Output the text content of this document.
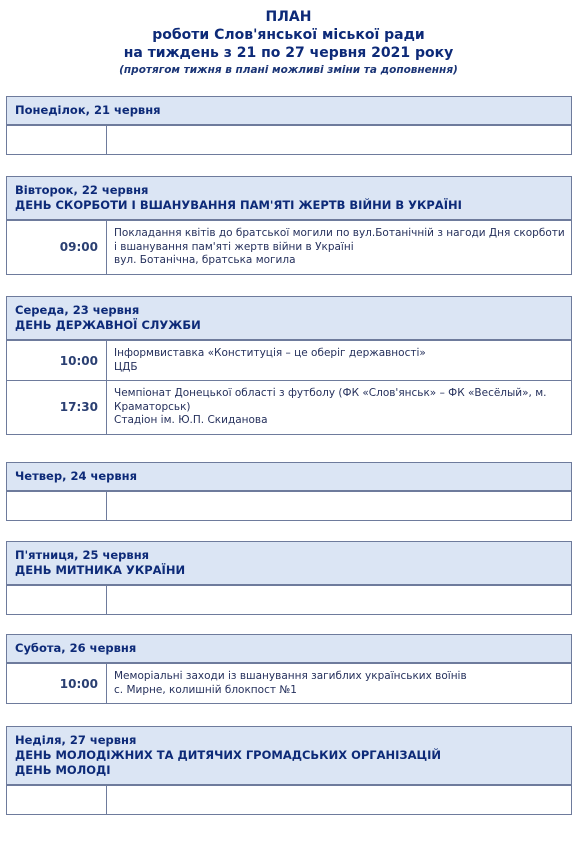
ПЛАН
роботи Слов'янської міської ради
на тиждень з 21 по 27 червня 2021 року
(протягом тижня в плані можливі зміни та доповнення)
Понеділок, 21 червня
Вівторок, 22 червня
ДЕНЬ СКОРБОТИ І ВШАНУВАННЯ ПАМ'ЯТІ ЖЕРТВ ВІЙНИ В УКРАЇНІ
09:00
Покладання квітів до братської могили по вул.Ботанічній з нагоди Дня скорботи і вшанування пам'яті жертв війни в Україні
вул. Ботанічна, братська могила
Середа, 23 червня
ДЕНЬ ДЕРЖАВНОЇ СЛУЖБИ
10:00
Інформвиставка «Конституція – це оберіг державності»
ЦДБ
17:30
Чемпіонат Донецької області з футболу (ФК «Слов'янськ» – ФК «Весёлый», м. Краматорськ)
Стадіон ім. Ю.П. Скиданова
Четвер, 24 червня
П'ятниця, 25 червня
ДЕНЬ МИТНИКА УКРАЇНИ
Субота, 26 червня
10:00
Меморіальні заходи із вшанування загиблих українських воїнів
с. Мирне, колишній блокпост №1
Неділя, 27 червня
ДЕНЬ МОЛОДІЖНИХ ТА ДИТЯЧИХ ГРОМАДСЬКИХ ОРГАНІЗАЦІЙ
ДЕНЬ МОЛОДІ
